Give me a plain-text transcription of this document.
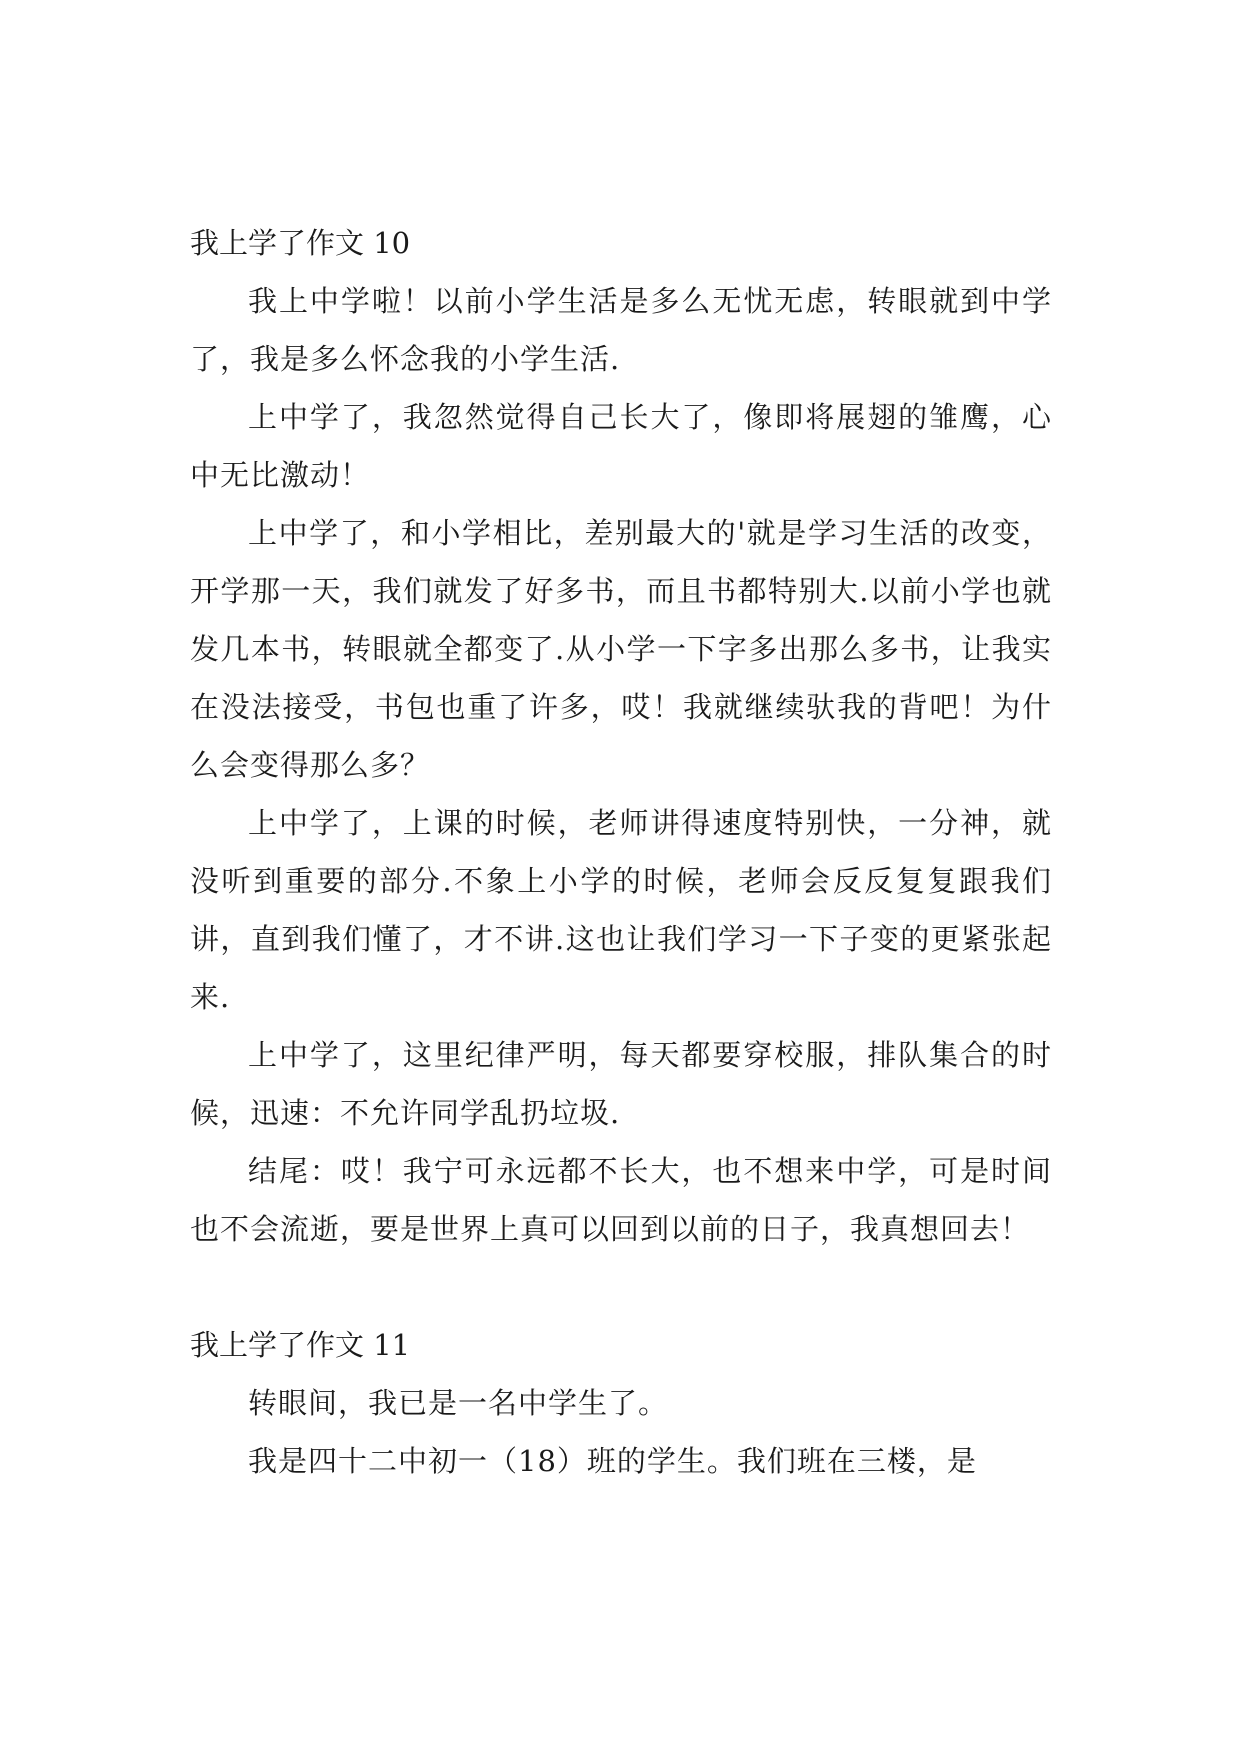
我上学了作文 10

我上中学啦！以前小学生活是多么无忧无虑，转眼就到中学了，我是多么怀念我的小学生活.

上中学了，我忽然觉得自己长大了，像即将展翅的雏鹰，心中无比激动！

上中学了，和小学相比，差别最大的'就是学习生活的改变，开学那一天，我们就发了好多书，而且书都特别大.以前小学也就发几本书，转眼就全都变了.从小学一下字多出那么多书，让我实在没法接受，书包也重了许多，哎！我就继续驮我的背吧！为什么会变得那么多？

上中学了，上课的时候，老师讲得速度特别快，一分神，就没听到重要的部分.不象上小学的时候，老师会反反复复跟我们讲，直到我们懂了，才不讲.这也让我们学习一下子变的更紧张起来.

上中学了，这里纪律严明，每天都要穿校服，排队集合的时候，迅速：不允许同学乱扔垃圾.

结尾：哎！我宁可永远都不长大，也不想来中学，可是时间也不会流逝，要是世界上真可以回到以前的日子，我真想回去！

我上学了作文 11

转眼间，我已是一名中学生了。

我是四十二中初一（18）班的学生。我们班在三楼，是
